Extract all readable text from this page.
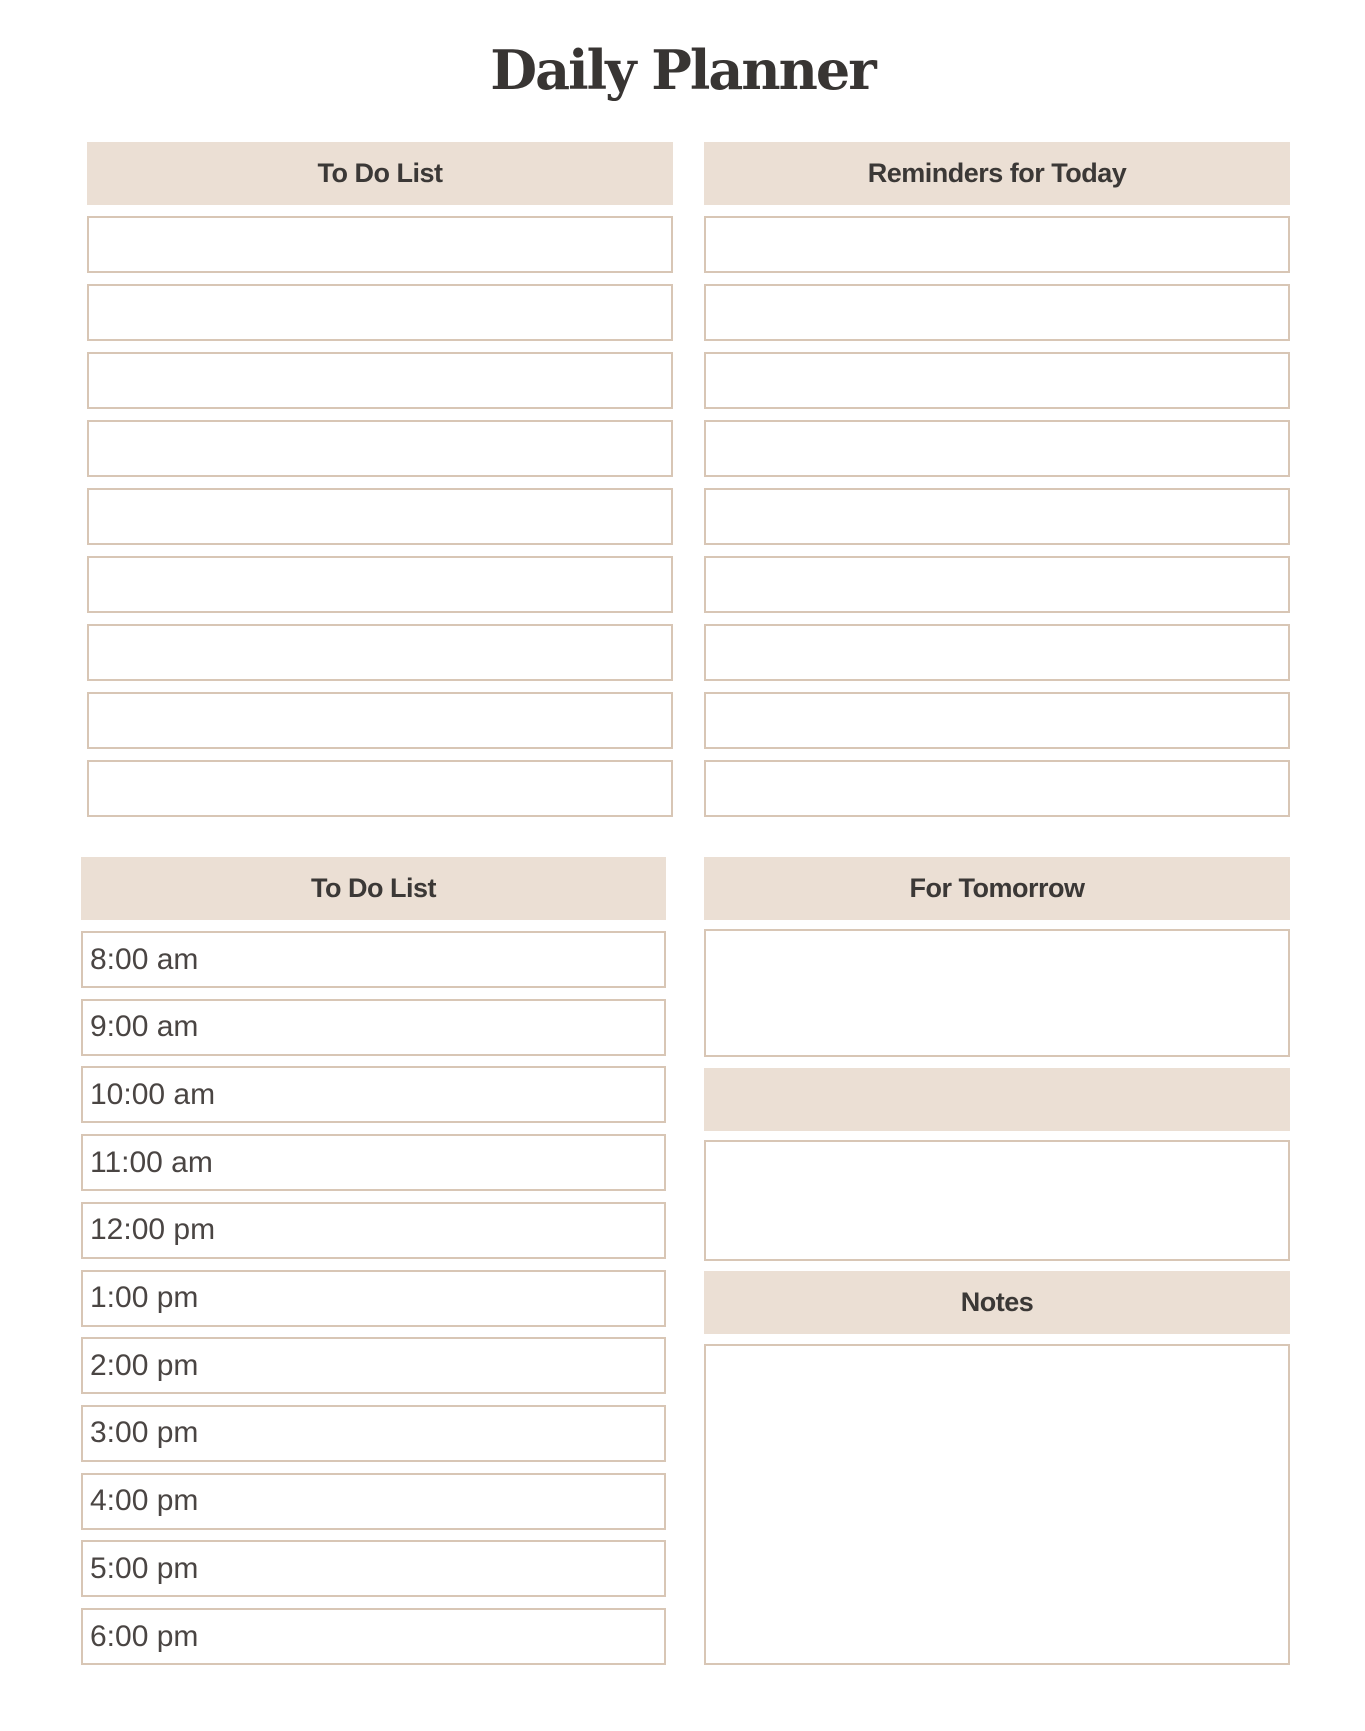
Daily Planner
To Do List	Reminders for Today
To Do List
8:00 am
9:00 am
10:00 am
11:00 am
12:00 pm
1:00 pm
2:00 pm
3:00 pm
4:00 pm
5:00 pm
6:00 pm
For Tomorrow
Notes
